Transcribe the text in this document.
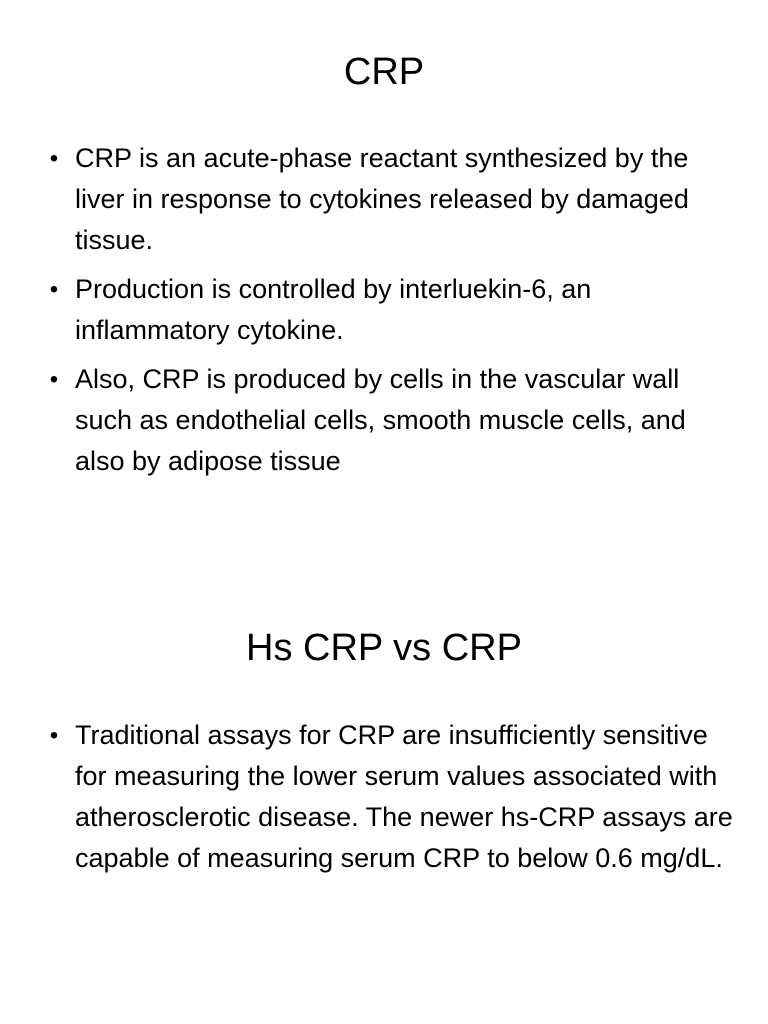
CRP
• CRP is an acute-phase reactant synthesized by the liver in response to cytokines released by damaged tissue.
• Production is controlled by interluekin-6, an inflammatory cytokine.
• Also, CRP is produced by cells in the vascular wall such as endothelial cells, smooth muscle cells, and also by adipose tissue
Hs CRP vs CRP
• Traditional assays for CRP are insufficiently sensitive for measuring the lower serum values associated with atherosclerotic disease. The newer hs-CRP assays are capable of measuring serum CRP to below 0.6 mg/dL.
